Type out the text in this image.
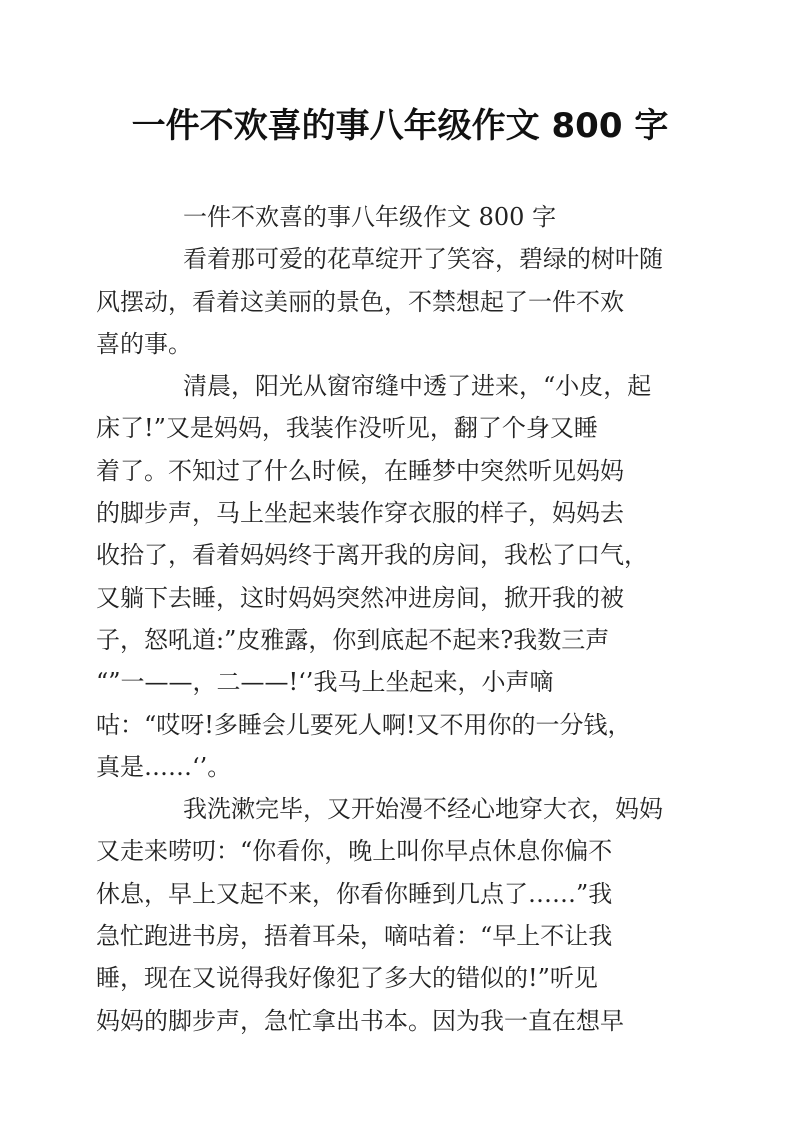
一件不欢喜的事八年级作文 800 字
一件不欢喜的事八年级作文 800 字
看着那可爱的花草绽开了笑容，碧绿的树叶随
风摆动，看着这美丽的景色，不禁想起了一件不欢
喜的事。
清晨，阳光从窗帘缝中透了进来，“小皮，起
床了!”又是妈妈，我装作没听见，翻了个身又睡
着了。不知过了什么时候，在睡梦中突然听见妈妈
的脚步声，马上坐起来装作穿衣服的样子，妈妈去
收拾了，看着妈妈终于离开我的房间，我松了口气，
又躺下去睡，这时妈妈突然冲进房间，掀开我的被
子，怒吼道:”皮雅露，你到底起不起来?我数三声
“”一——，二——!‘’我马上坐起来，小声嘀
咕：“哎呀!多睡会儿要死人啊!又不用你的一分钱，
真是……‘’。
我洗漱完毕，又开始漫不经心地穿大衣，妈妈
又走来唠叨：“你看你，晚上叫你早点休息你偏不
休息，早上又起不来，你看你睡到几点了……”我
急忙跑进书房，捂着耳朵，嘀咕着：“早上不让我
睡，现在又说得我好像犯了多大的错似的!”听见
妈妈的脚步声，急忙拿出书本。因为我一直在想早
